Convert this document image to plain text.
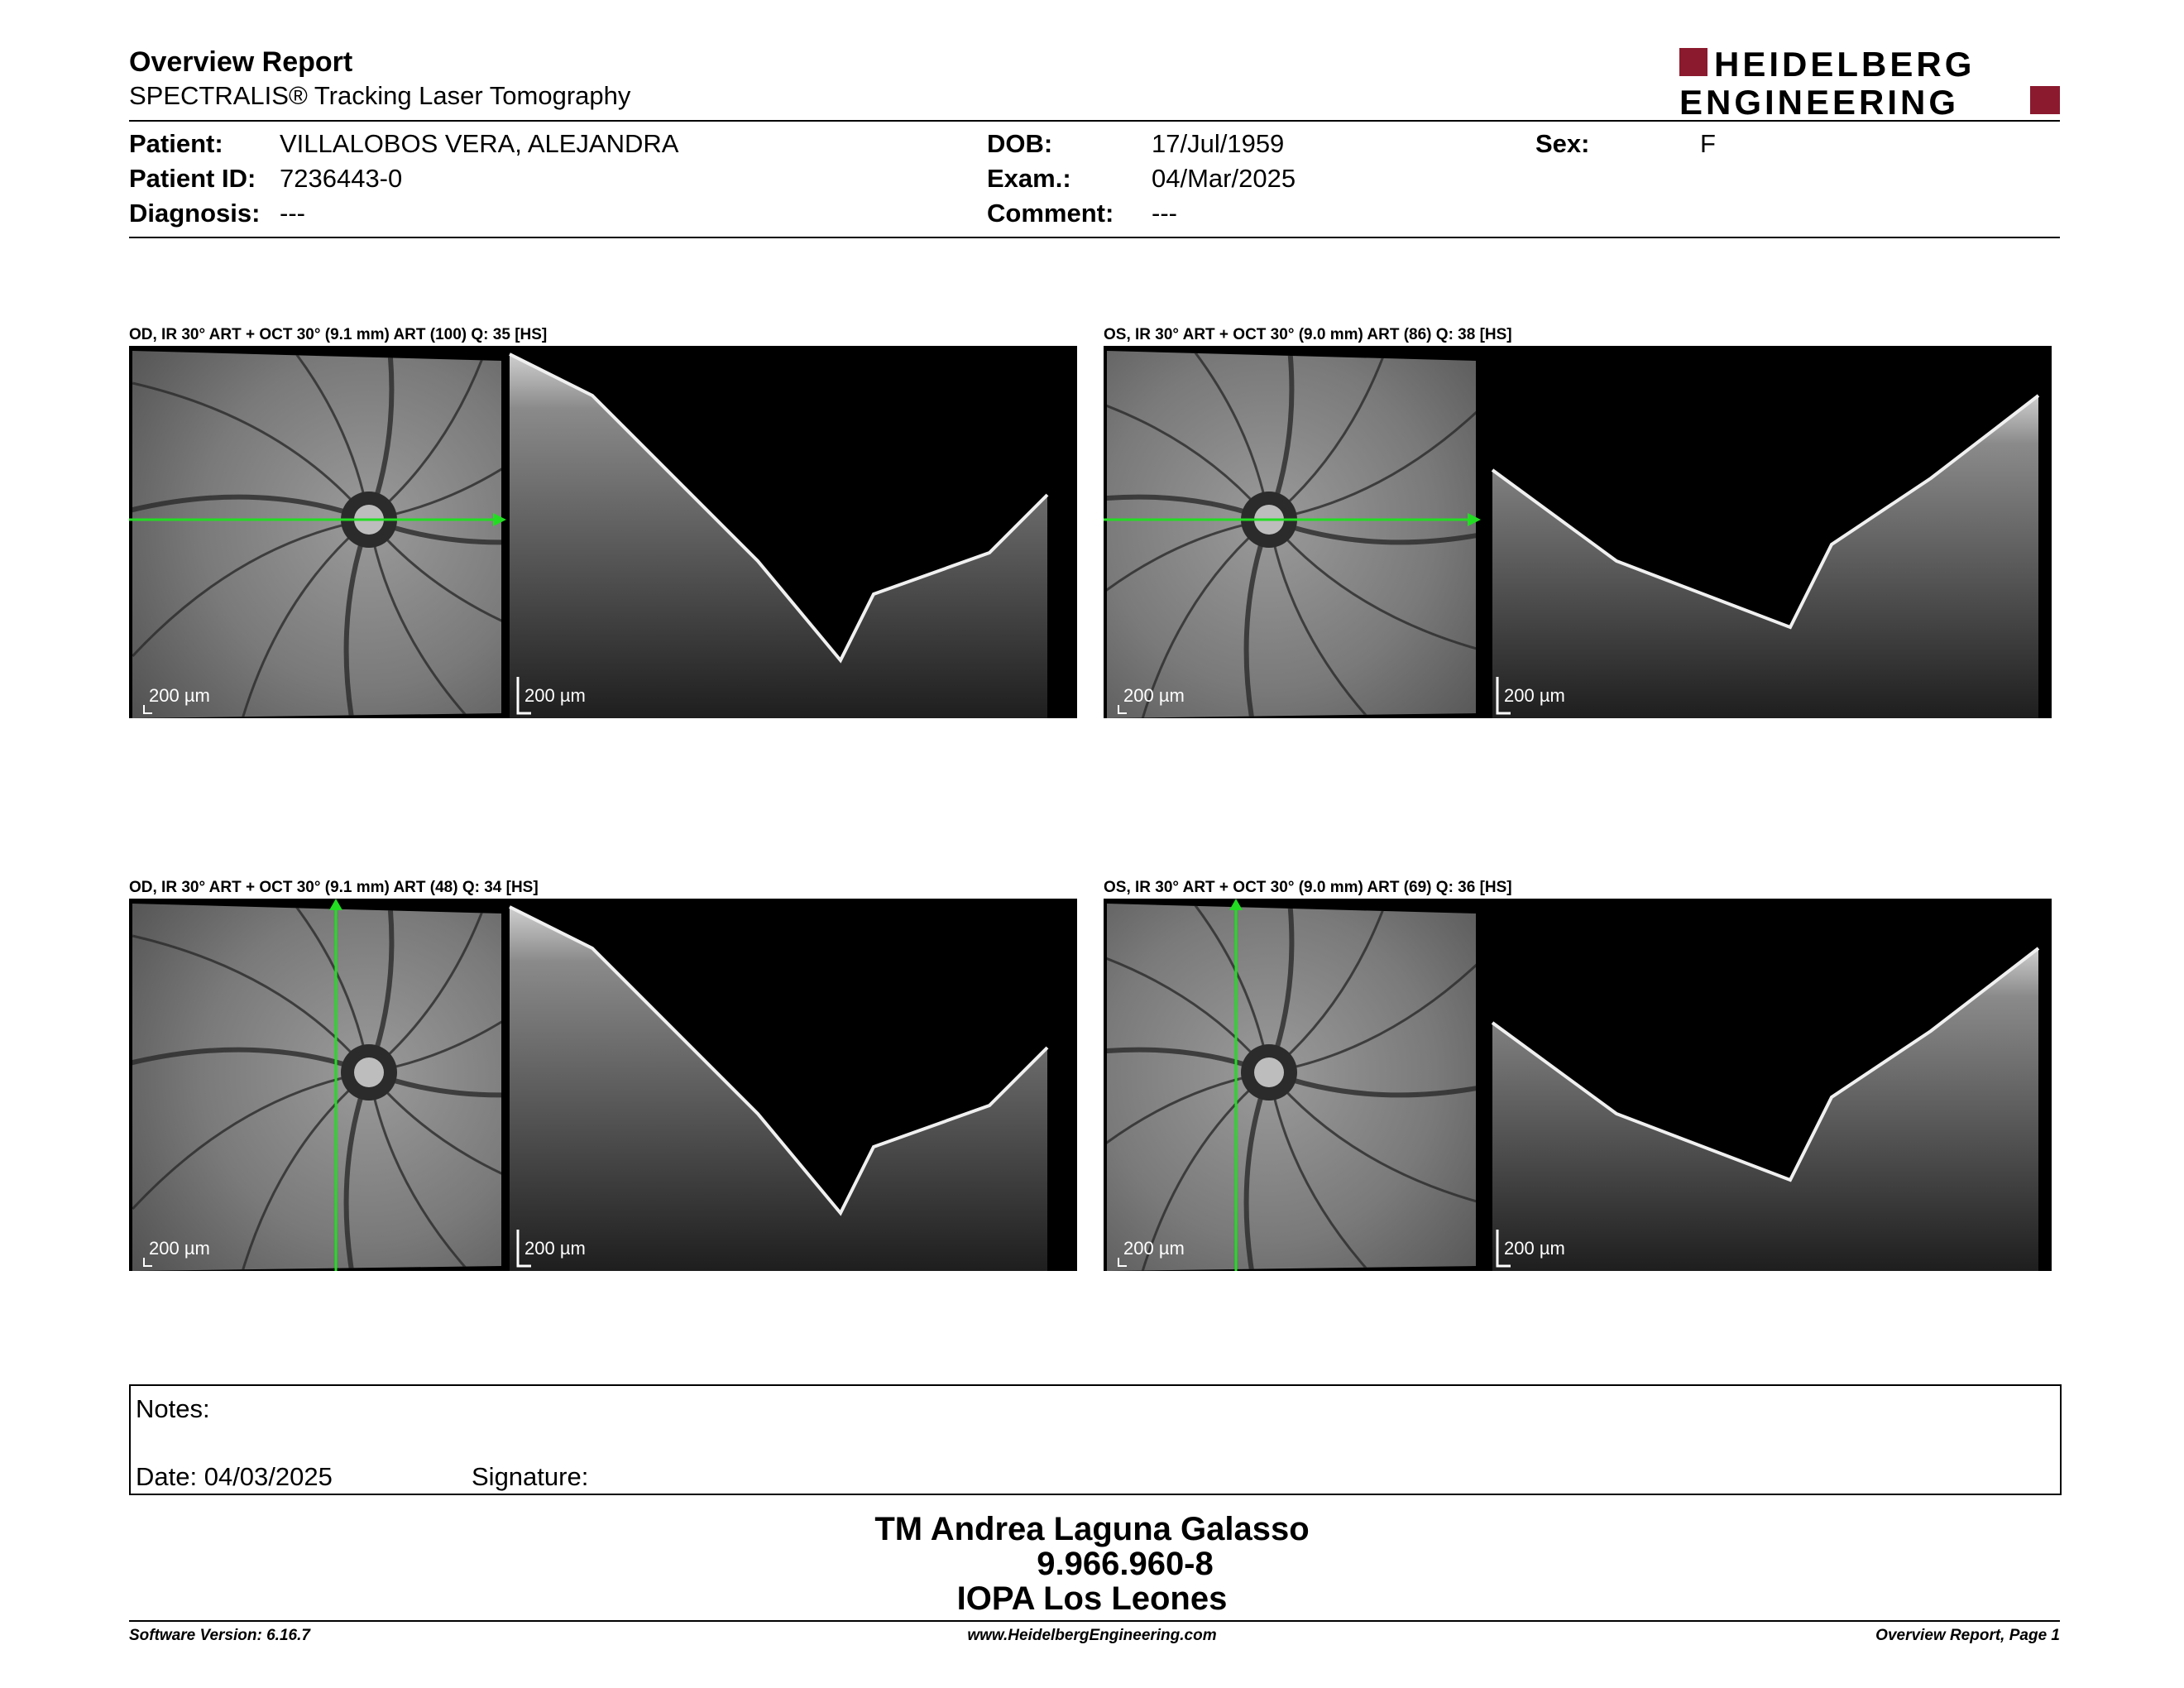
Overview Report
SPECTRALIS® Tracking Laser Tomography
HEIDELBERG
ENGINEERING
Patient: VILLALOBOS VERA, ALEJANDRA
Patient ID: 7236443-0
Diagnosis: ---
DOB:	17/Jul/1959
Exam.:	04/Mar/2025
Comment: ---
Sex:	F
OD, IR 30° ART + OCT 30° (9.1 mm) ART (100) Q: 35 [HS]
200 µm	200 µm
OS, IR 30° ART + OCT 30° (9.0 mm) ART (86) Q: 38 [HS]
200 µm	200 µm
OD, IR 30° ART + OCT 30° (9.1 mm) ART (48) Q: 34 [HS]
200 µm	200 µm
OS, IR 30° ART + OCT 30° (9.0 mm) ART (69) Q: 36 [HS]
200 µm	200 µm
Notes:
Date: 04/03/2025	Signature:
TM Andrea Laguna Galasso
9.966.960-8
IOPA Los Leones
Software Version: 6.16.7	www.HeidelbergEngineering.com	Overview Report, Page 1
